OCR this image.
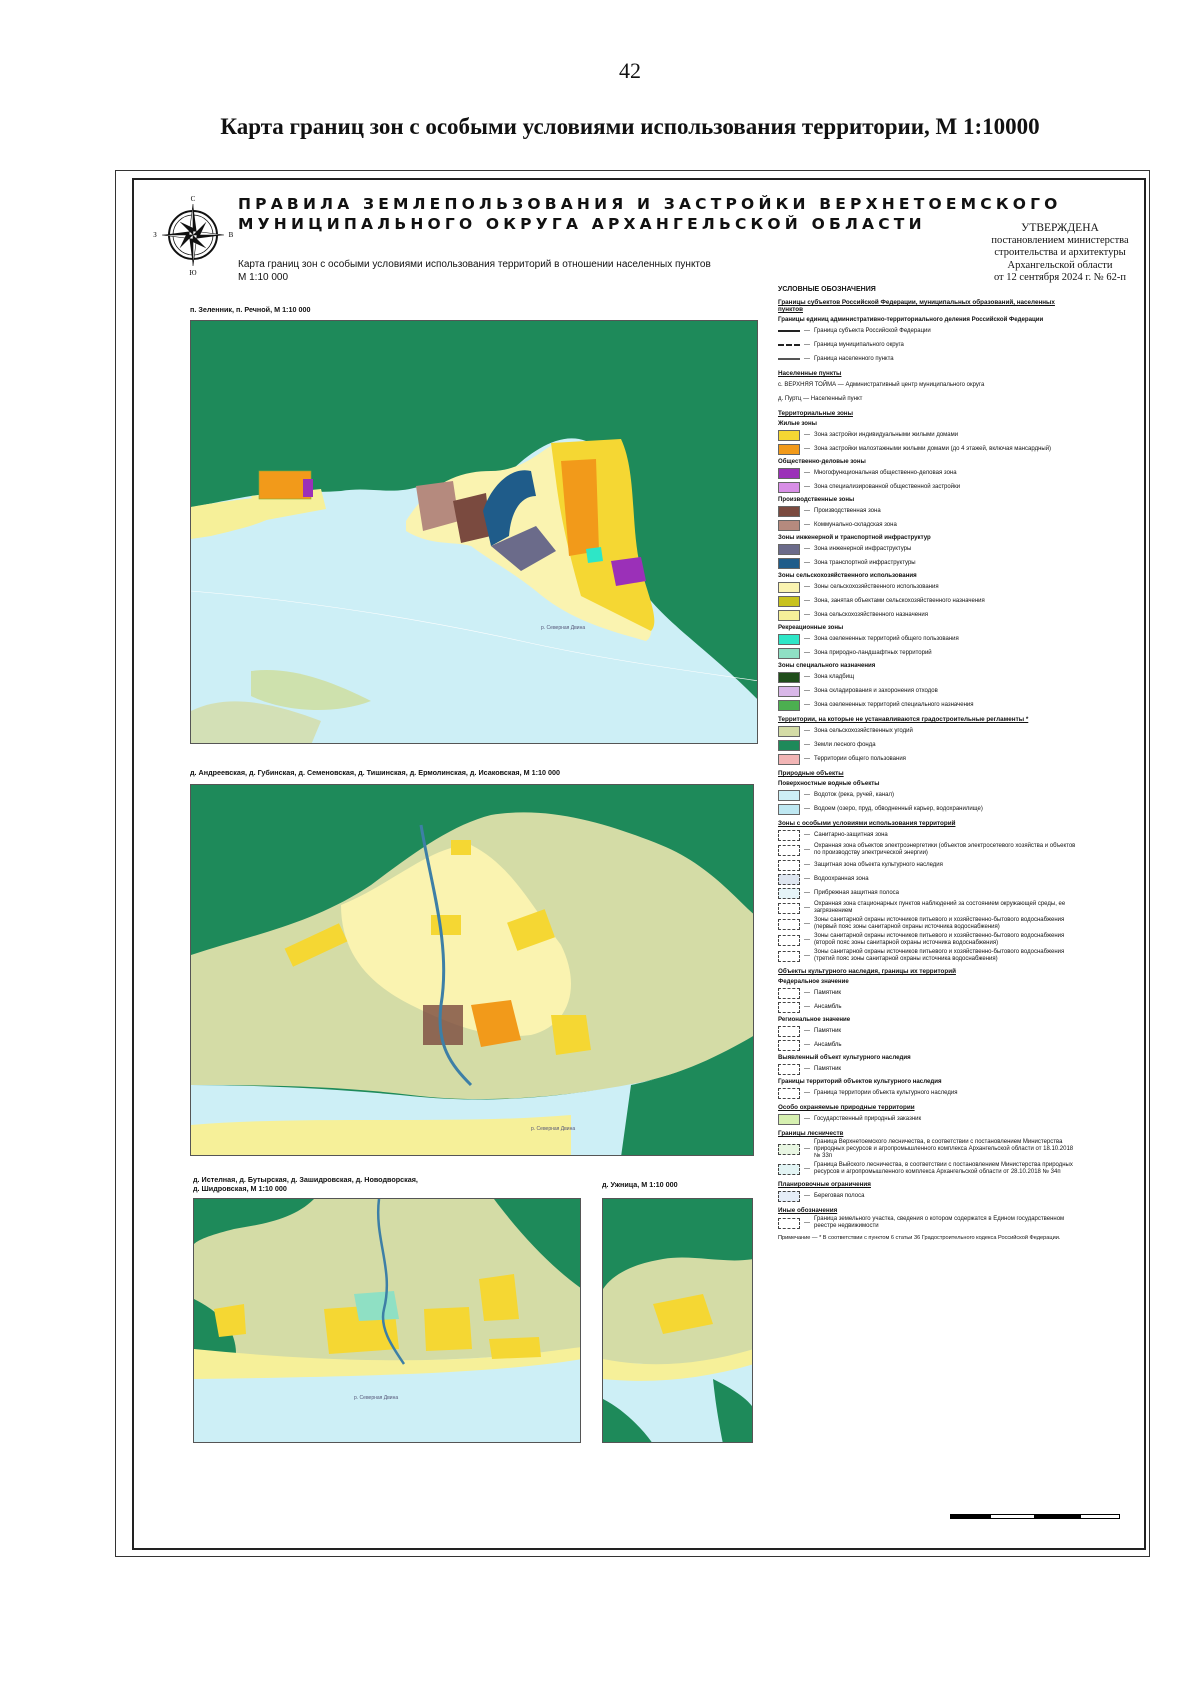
42
Карта границ зон с особыми условиями использования территории, М 1:10000
С
Ю
З	В
ПРАВИЛА ЗЕМЛЕПОЛЬЗОВАНИЯ И ЗАСТРОЙКИ ВЕРХНЕТОЕМСКОГО
МУНИЦИПАЛЬНОГО ОКРУГА АРХАНГЕЛЬСКОЙ ОБЛАСТИ
Карта границ зон с особыми условиями использования территорий в отношении населенных пунктов
М 1:10 000
УТВЕРЖДЕНА
постановлением министерства
строительства и архитектуры
Архангельской области
от 12 сентября 2024 г. № 62-п
п. Зеленник, п. Речной, М 1:10 000
р. Северная Двина
д. Андреевская, д. Губинская, д. Семеновская, д. Тишинская, д. Ермолинская, д. Исаковская, М 1:10 000
р. Северная Двина
д. Истелная, д. Бутырская, д. Зашидровская, д. Новодворская,
д. Шидровская, М 1:10 000
р. Северная Двина
д. Ужница, М 1:10 000
УСЛОВНЫЕ ОБОЗНАЧЕНИЯ
Границы субъектов Российской Федерации, муниципальных образований, населенных пунктов
Границы единиц административно-территориального деления Российской Федерации
— Граница субъекта Российской Федерации
— Граница муниципального округа
— Граница населенного пункта
Населенные пункты
с. ВЕРХНЯЯ ТОЙМА — Административный центр муниципального округа
д. Пуртц — Населенный пункт
Территориальные зоны
Жилые зоны
— Зона застройки индивидуальными жилыми домами
— Зона застройки малоэтажными жилыми домами (до 4 этажей, включая мансардный)
Общественно-деловые зоны
— Многофункциональная общественно-деловая зона
— Зона специализированной общественной застройки
Производственные зоны
— Производственная зона
— Коммунально-складская зона
Зоны инженерной и транспортной инфраструктур
— Зона инженерной инфраструктуры
— Зона транспортной инфраструктуры
Зоны сельскохозяйственного использования
— Зоны сельскохозяйственного использования
— Зона, занятая объектами сельскохозяйственного назначения
— Зона сельскохозяйственного назначения
Рекреационные зоны
— Зона озелененных территорий общего пользования
— Зона природно-ландшафтных территорий
Зоны специального назначения
— Зона кладбищ
— Зона складирования и захоронения отходов
— Зона озелененных территорий специального назначения
Территории, на которые не устанавливаются градостроительные регламенты *
— Зона сельскохозяйственных угодий
— Земли лесного фонда
— Территории общего пользования
Природные объекты
Поверхностные водные объекты
— Водоток (река, ручей, канал)
— Водоем (озеро, пруд, обводненный карьер, водохранилище)
Зоны с особыми условиями использования территорий
— Санитарно-защитная зона
—
Охранная зона объектов электроэнергетики (объектов электросетевого хозяйства и объектов по производству электрической энергии)
— Защитная зона объекта культурного наследия
— Водоохранная зона
— Прибрежная защитная полоса
—
Охранная зона стационарных пунктов наблюдений за состоянием окружающей среды, ее загрязнением
—
Зоны санитарной охраны источников питьевого и хозяйственно-бытового водоснабжения (первый пояс зоны санитарной охраны источника водоснабжения)
—
Зоны санитарной охраны источников питьевого и хозяйственно-бытового водоснабжения (второй пояс зоны санитарной охраны источника водоснабжения)
—
Зоны санитарной охраны источников питьевого и хозяйственно-бытового водоснабжения (третий пояс зоны санитарной охраны источника водоснабжения)
Объекты культурного наследия, границы их территорий
Федеральное значение
— Памятник
— Ансамбль
Региональное значение
— Памятник
— Ансамбль
Выявленный объект культурного наследия
— Памятник
Границы территорий объектов культурного наследия
— Граница территории объекта культурного наследия
Особо охраняемые природные территории
— Государственный природный заказник
Границы лесничеств
—
Граница Верхнетоемского лесничества, в соответствии с постановлением Министерства природных ресурсов и агропромышленного комплекса Архангельской области от 18.10.2018 № 33п
—
Граница Выйского лесничества, в соответствии с постановлением Министерства природных ресурсов и агропромышленного комплекса Архангельской области от 28.10.2018 № 34п
Планировочные ограничения
— Береговая полоса
Иные обозначения
—
Граница земельного участка, сведения о котором содержатся в Едином государственном реестре недвижимости
Примечание — * В соответствии с пунктом 6 статьи 36 Градостроительного кодекса Российской Федерации.
